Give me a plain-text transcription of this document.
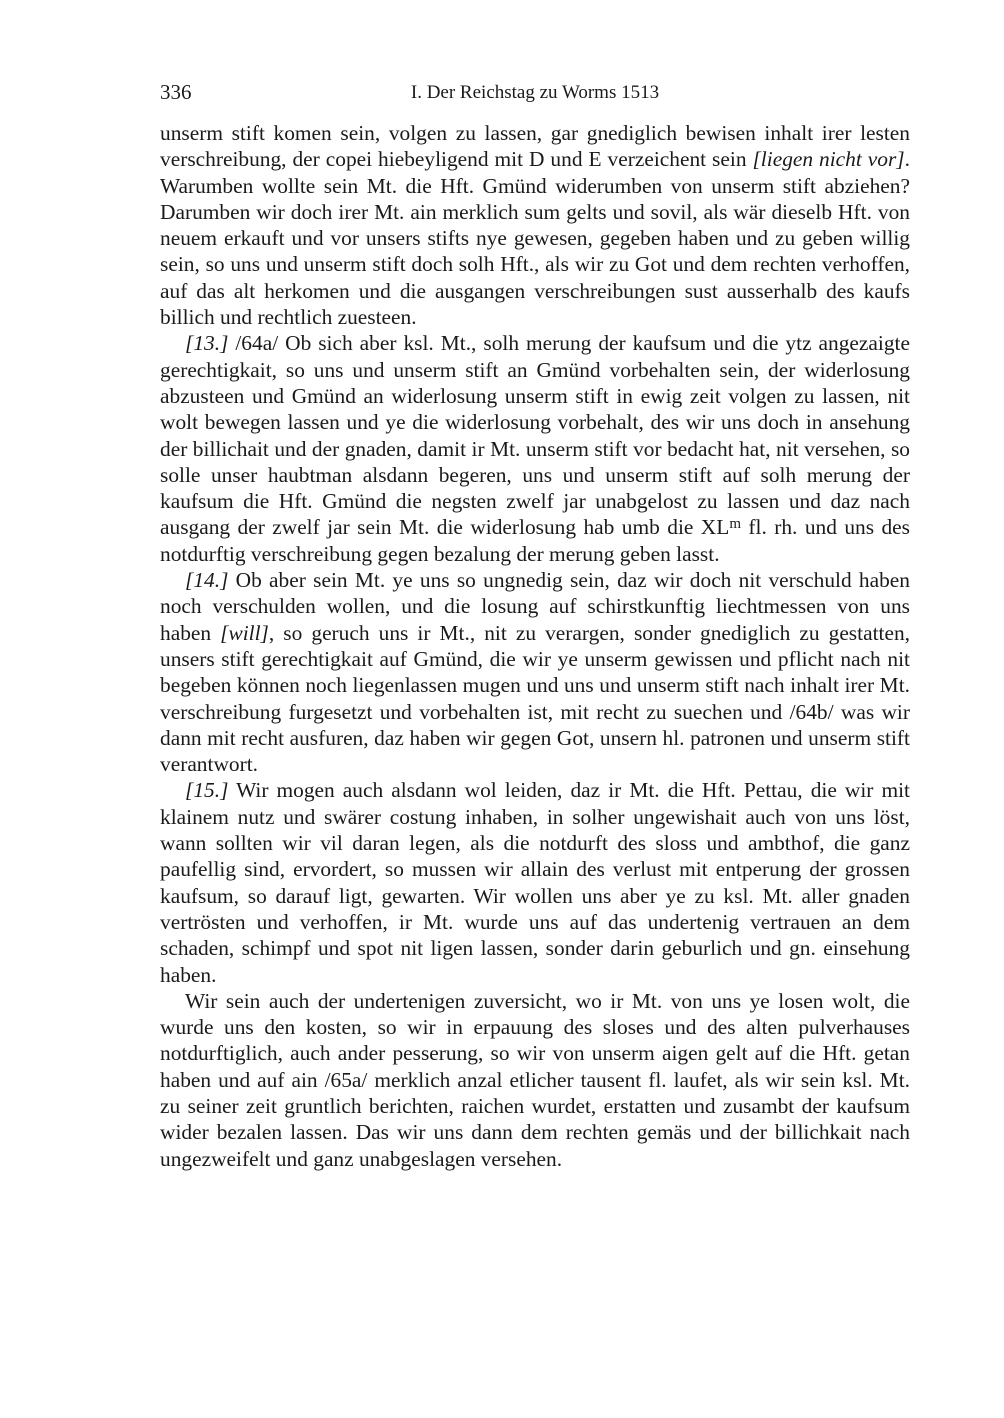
336	I. Der Reichstag zu Worms 1513

unserm stift komen sein, volgen zu lassen, gar gnediglich bewisen inhalt irer lesten verschreibung, der copei hiebeyligend mit D und E verzeichent sein [liegen nicht vor]. Warumben wollte sein Mt. die Hft. Gmünd widerumben von unserm stift abziehen? Darumben wir doch irer Mt. ain merklich sum gelts und sovil, als wär dieselb Hft. von neuem erkauft und vor unsers stifts nye gewesen, gegeben haben und zu geben willig sein, so uns und unserm stift doch solh Hft., als wir zu Got und dem rechten verhoffen, auf das alt herkomen und die ausgangen verschreibungen sust ausserhalb des kaufs billich und rechtlich zuesteen.

[13.] /64a/ Ob sich aber ksl. Mt., solh merung der kaufsum und die ytz angezaigte gerechtigkait, so uns und unserm stift an Gmünd vorbehalten sein, der widerlosung abzusteen und Gmünd an widerlosung unserm stift in ewig zeit volgen zu lassen, nit wolt bewegen lassen und ye die widerlosung vorbehalt, des wir uns doch in ansehung der billichait und der gnaden, damit ir Mt. unserm stift vor bedacht hat, nit versehen, so solle unser haubtman alsdann begeren, uns und unserm stift auf solh merung der kaufsum die Hft. Gmünd die negsten zwelf jar unabgelost zu lassen und daz nach ausgang der zwelf jar sein Mt. die widerlosung hab umb die $XL^m$ fl. rh. und uns des notdurftig verschreibung gegen bezalung der merung geben lasst.

[14.] Ob aber sein Mt. ye uns so ungnedig sein, daz wir doch nit verschuld haben noch verschulden wollen, und die losung auf schirstkunftig liechtmessen von uns haben [will], so geruch uns ir Mt., nit zu verargen, sonder gnediglich zu gestatten, unsers stift gerechtigkait auf Gmünd, die wir ye unserm gewissen und pflicht nach nit begeben können noch liegenlassen mugen und uns und unserm stift nach inhalt irer Mt. verschreibung furgesetzt und vorbehalten ist, mit recht zu suechen und /64b/ was wir dann mit recht ausfuren, daz haben wir gegen Got, unsern hl. patronen und unserm stift verantwort.

[15.] Wir mogen auch alsdann wol leiden, daz ir Mt. die Hft. Pettau, die wir mit klainem nutz und swärer costung inhaben, in solher ungewishait auch von uns löst, wann sollten wir vil daran legen, als die notdurft des sloss und ambthof, die ganz paufellig sind, ervordert, so mussen wir allain des verlust mit entperung der grossen kaufsum, so darauf ligt, gewarten. Wir wollen uns aber ye zu ksl. Mt. aller gnaden vertrösten und verhoffen, ir Mt. wurde uns auf das undertenig vertrauen an dem schaden, schimpf und spot nit ligen lassen, sonder darin geburlich und gn. einsehung haben.

Wir sein auch der undertenigen zuversicht, wo ir Mt. von uns ye losen wolt, die wurde uns den kosten, so wir in erpauung des sloses und des alten pulverhauses notdurftiglich, auch ander pesserung, so wir von unserm aigen gelt auf die Hft. getan haben und auf ain /65a/ merklich anzal etlicher tausent fl. laufet, als wir sein ksl. Mt. zu seiner zeit gruntlich berichten, raichen wurdet, erstatten und zusambt der kaufsum wider bezalen lassen. Das wir uns dann dem rechten gemäs und der billichkait nach ungezweifelt und ganz unabgeslagen versehen.
